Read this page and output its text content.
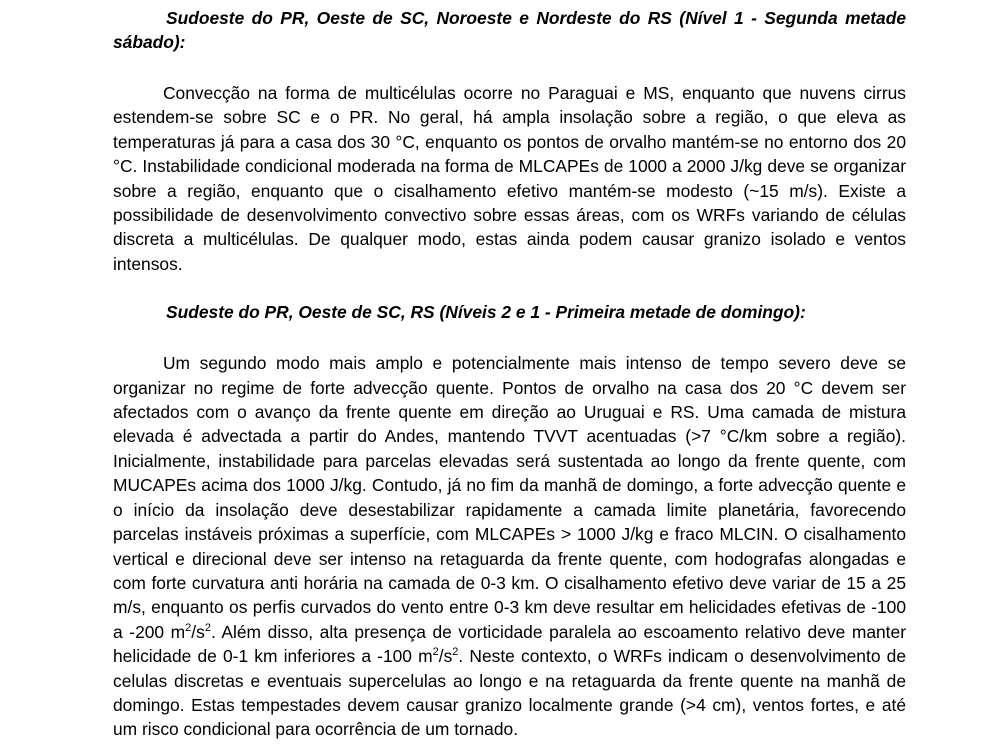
Sudoeste do PR, Oeste de SC, Noroeste e Nordeste do RS (Nível 1 - Segunda metade sábado):

Convecção na forma de multicélulas ocorre no Paraguai e MS, enquanto que nuvens cirrus estendem-se sobre SC e o PR. No geral, há ampla insolação sobre a região, o que eleva as temperaturas já para a casa dos 30 °C, enquanto os pontos de orvalho mantém-se no entorno dos 20 °C. Instabilidade condicional moderada na forma de MLCAPEs de 1000 a 2000 J/kg deve se organizar sobre a região, enquanto que o cisalhamento efetivo mantém-se modesto (~15 m/s). Existe a possibilidade de desenvolvimento convectivo sobre essas áreas, com os WRFs variando de células discreta a multicélulas. De qualquer modo, estas ainda podem causar granizo isolado e ventos intensos.

Sudeste do PR, Oeste de SC, RS (Níveis 2 e 1 - Primeira metade de domingo):

Um segundo modo mais amplo e potencialmente mais intenso de tempo severo deve se organizar no regime de forte advecção quente. Pontos de orvalho na casa dos 20 °C devem ser afectados com o avanço da frente quente em direção ao Uruguai e RS. Uma camada de mistura elevada é advectada a partir do Andes, mantendo TVVT acentuadas (>7 °C/km sobre a região). Inicialmente, instabilidade para parcelas elevadas será sustentada ao longo da frente quente, com MUCAPEs acima dos 1000 J/kg. Contudo, já no fim da manhã de domingo, a forte advecção quente e o início da insolação deve desestabilizar rapidamente a camada limite planetária, favorecendo parcelas instáveis próximas a superfície, com MLCAPEs > 1000 J/kg e fraco MLCIN. O cisalhamento vertical e direcional deve ser intenso na retaguarda da frente quente, com hodografas alongadas e com forte curvatura anti horária na camada de 0-3 km. O cisalhamento efetivo deve variar de 15 a 25 m/s, enquanto os perfis curvados do vento entre 0-3 km deve resultar em helicidades efetivas de -100 a -200 $m^2/s^2$. Além disso, alta presença de vorticidade paralela ao escoamento relativo deve manter helicidade de 0-1 km inferiores a -100 $m^2/s^2$. Neste contexto, o WRFs indicam o desenvolvimento de celulas discretas e eventuais supercelulas ao longo e na retaguarda da frente quente na manhã de domingo. Estas tempestades devem causar granizo localmente grande (>4 cm), ventos fortes, e até um risco condicional para ocorrência de um tornado.
